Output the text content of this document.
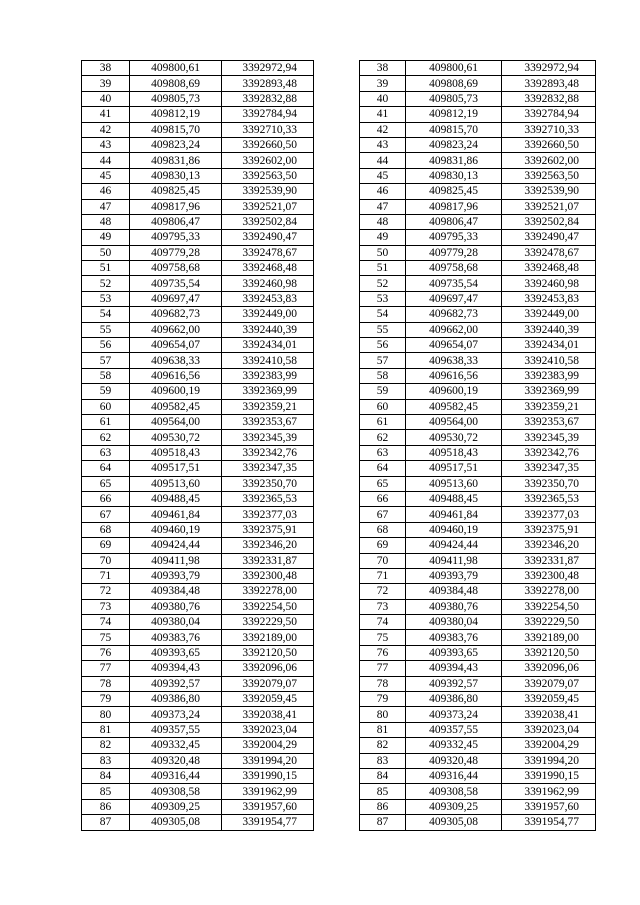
38	409800,61	3392972,94		38	409800,61	3392972,94
39	409808,69	3392893,48		39	409808,69	3392893,48
40	409805,73	3392832,88		40	409805,73	3392832,88
41	409812,19	3392784,94		41	409812,19	3392784,94
42	409815,70	3392710,33		42	409815,70	3392710,33
43	409823,24	3392660,50		43	409823,24	3392660,50
44	409831,86	3392602,00		44	409831,86	3392602,00
45	409830,13	3392563,50		45	409830,13	3392563,50
46	409825,45	3392539,90		46	409825,45	3392539,90
47	409817,96	3392521,07		47	409817,96	3392521,07
48	409806,47	3392502,84		48	409806,47	3392502,84
49	409795,33	3392490,47		49	409795,33	3392490,47
50	409779,28	3392478,67		50	409779,28	3392478,67
51	409758,68	3392468,48		51	409758,68	3392468,48
52	409735,54	3392460,98		52	409735,54	3392460,98
53	409697,47	3392453,83		53	409697,47	3392453,83
54	409682,73	3392449,00		54	409682,73	3392449,00
55	409662,00	3392440,39		55	409662,00	3392440,39
56	409654,07	3392434,01		56	409654,07	3392434,01
57	409638,33	3392410,58		57	409638,33	3392410,58
58	409616,56	3392383,99		58	409616,56	3392383,99
59	409600,19	3392369,99		59	409600,19	3392369,99
60	409582,45	3392359,21		60	409582,45	3392359,21
61	409564,00	3392353,67		61	409564,00	3392353,67
62	409530,72	3392345,39		62	409530,72	3392345,39
63	409518,43	3392342,76		63	409518,43	3392342,76
64	409517,51	3392347,35		64	409517,51	3392347,35
65	409513,60	3392350,70		65	409513,60	3392350,70
66	409488,45	3392365,53		66	409488,45	3392365,53
67	409461,84	3392377,03		67	409461,84	3392377,03
68	409460,19	3392375,91		68	409460,19	3392375,91
69	409424,44	3392346,20		69	409424,44	3392346,20
70	409411,98	3392331,87		70	409411,98	3392331,87
71	409393,79	3392300,48		71	409393,79	3392300,48
72	409384,48	3392278,00		72	409384,48	3392278,00
73	409380,76	3392254,50		73	409380,76	3392254,50
74	409380,04	3392229,50		74	409380,04	3392229,50
75	409383,76	3392189,00		75	409383,76	3392189,00
76	409393,65	3392120,50		76	409393,65	3392120,50
77	409394,43	3392096,06		77	409394,43	3392096,06
78	409392,57	3392079,07		78	409392,57	3392079,07
79	409386,80	3392059,45		79	409386,80	3392059,45
80	409373,24	3392038,41		80	409373,24	3392038,41
81	409357,55	3392023,04		81	409357,55	3392023,04
82	409332,45	3392004,29		82	409332,45	3392004,29
83	409320,48	3391994,20		83	409320,48	3391994,20
84	409316,44	3391990,15		84	409316,44	3391990,15
85	409308,58	3391962,99		85	409308,58	3391962,99
86	409309,25	3391957,60		86	409309,25	3391957,60
87	409305,08	3391954,77		87	409305,08	3391954,77
